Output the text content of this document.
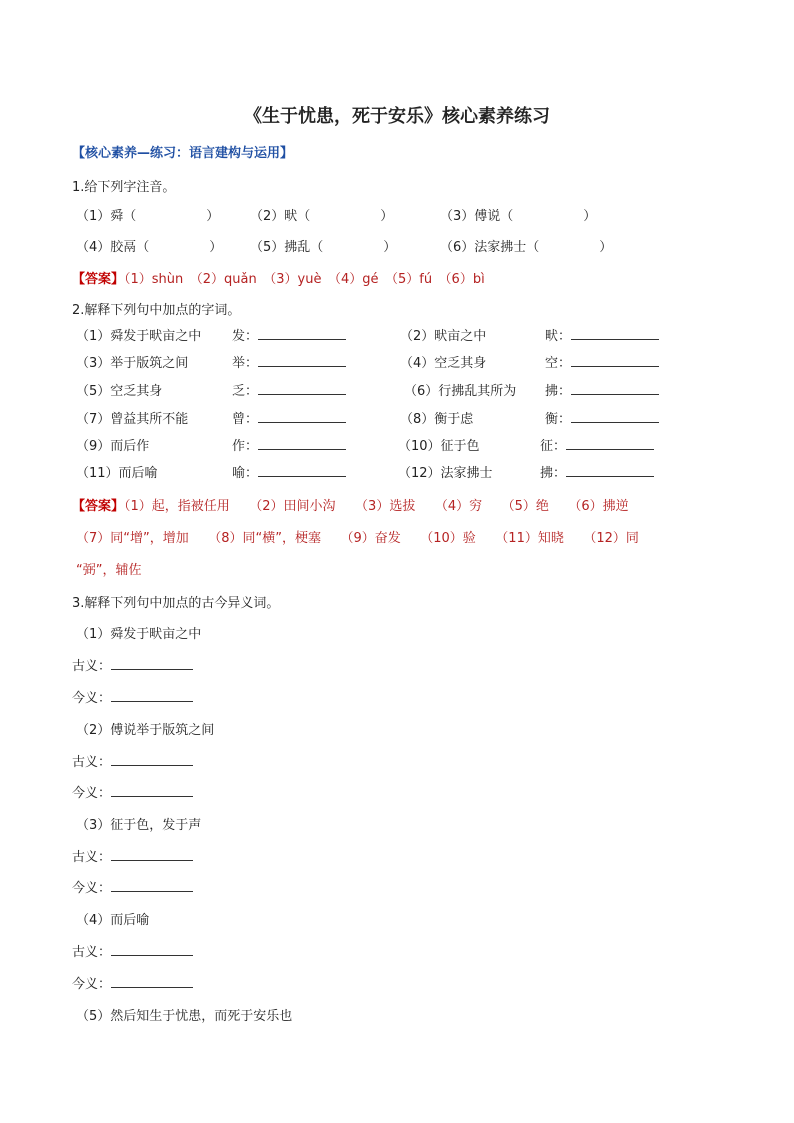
《生于忧患，死于安乐》核心素养练习
【核心素养—练习：语言建构与运用】
1.给下列字注音。
（1）舜（	） （2）畎（	）	（3）傅说（	）
（4）胶鬲（	） （5）拂乱（	）	（6）法家拂士（	）
【答案】（1）shùn　（2）quǎn　（3）yuè　（4）gé　（5）fú　（6）bì
2.解释下列句中加点的字词。
（1）舜发于畎亩之中 发：	（2）畎亩之中	畎：
（3）举于版筑之间	举：	（4）空乏其身	空：
（5）空乏其身	乏：	（6）行拂乱其所为 拂：
（7）曾益其所不能	曾：	（8）衡于虑	衡：
（9）而后作	作：	（10）征于色	征：
（11）而后喻	喻：	（12）法家拂士	拂：
【答案】（1）起，指被任用　　（2）田间小沟　　（3）选拔　　（4）穷　　（5）绝　　（6）拂逆
（7）同“增”，增加　　（8）同“横”，梗塞　　（9）奋发　　（10）验　　（11）知晓　　（12）同
“弼”，辅佐
3.解释下列句中加点的古今异义词。
（1）舜发于畎亩之中
古义：
今义：
（2）傅说举于版筑之间
古义：
今义：
（3）征于色，发于声
古义：
今义：
（4）而后喻
古义：
今义：
（5）然后知生于忧患，而死于安乐也
